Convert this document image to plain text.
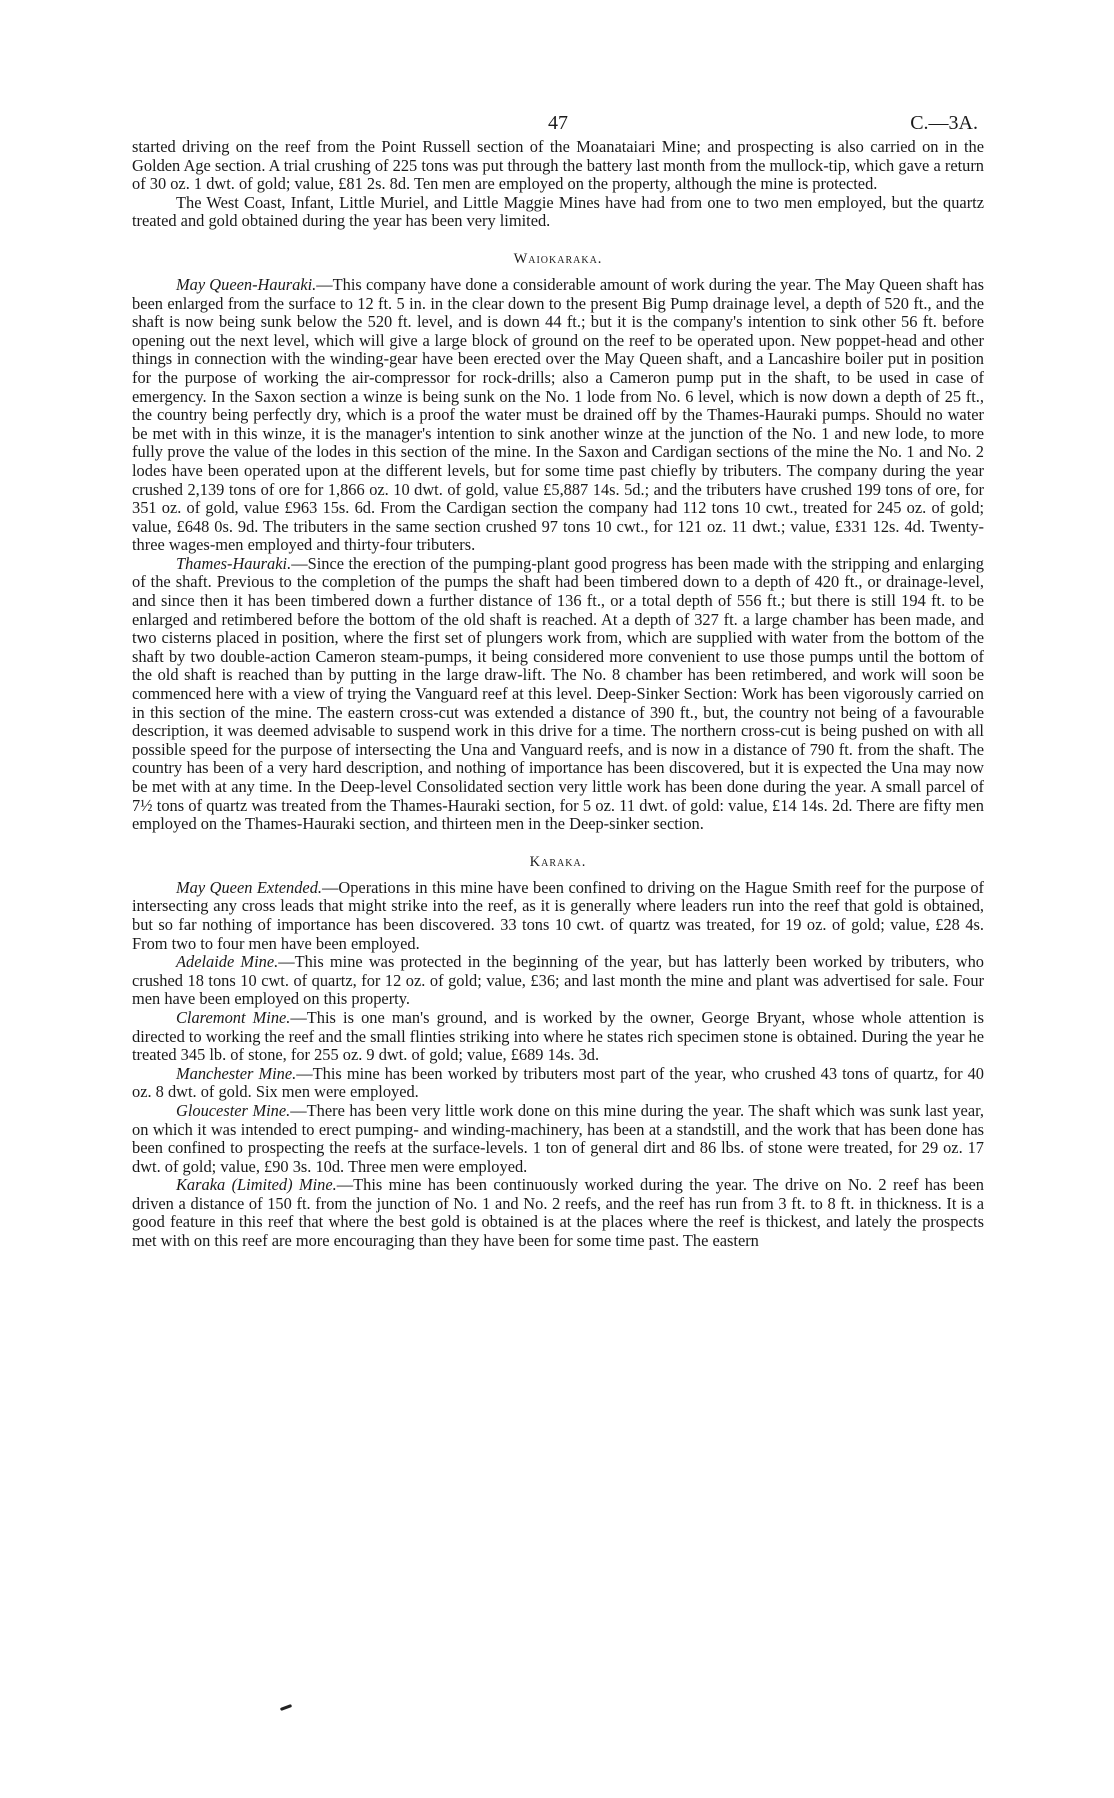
47	C.—3A.

started driving on the reef from the Point Russell section of the Moanataiari Mine; and prospecting is also carried on in the Golden Age section. A trial crushing of 225 tons was put through the battery last month from the mullock-tip, which gave a return of 30 oz. 1 dwt. of gold; value, £81 2s. 8d. Ten men are employed on the property, although the mine is protected.

The West Coast, Infant, Little Muriel, and Little Maggie Mines have had from one to two men employed, but the quartz treated and gold obtained during the year has been very limited.

Waiokaraka.

May Queen-Hauraki.—This company have done a considerable amount of work during the year. The May Queen shaft has been enlarged from the surface to 12 ft. 5 in. in the clear down to the present Big Pump drainage level, a depth of 520 ft., and the shaft is now being sunk below the 520 ft. level, and is down 44 ft.; but it is the company's intention to sink other 56 ft. before opening out the next level, which will give a large block of ground on the reef to be operated upon. New poppet-head and other things in connection with the winding-gear have been erected over the May Queen shaft, and a Lancashire boiler put in position for the purpose of working the air-compressor for rock-drills; also a Cameron pump put in the shaft, to be used in case of emergency. In the Saxon section a winze is being sunk on the No. 1 lode from No. 6 level, which is now down a depth of 25 ft., the country being perfectly dry, which is a proof the water must be drained off by the Thames-Hauraki pumps. Should no water be met with in this winze, it is the manager's intention to sink another winze at the junction of the No. 1 and new lode, to more fully prove the value of the lodes in this section of the mine. In the Saxon and Cardigan sections of the mine the No. 1 and No. 2 lodes have been operated upon at the different levels, but for some time past chiefly by tributers. The company during the year crushed 2,139 tons of ore for 1,866 oz. 10 dwt. of gold, value £5,887 14s. 5d.; and the tributers have crushed 199 tons of ore, for 351 oz. of gold, value £963 15s. 6d. From the Cardigan section the company had 112 tons 10 cwt., treated for 245 oz. of gold; value, £648 0s. 9d. The tributers in the same section crushed 97 tons 10 cwt., for 121 oz. 11 dwt.; value, £331 12s. 4d. Twenty-three wages-men employed and thirty-four tributers.

Thames-Hauraki.—Since the erection of the pumping-plant good progress has been made with the stripping and enlarging of the shaft. Previous to the completion of the pumps the shaft had been timbered down to a depth of 420 ft., or drainage-level, and since then it has been timbered down a further distance of 136 ft., or a total depth of 556 ft.; but there is still 194 ft. to be enlarged and retimbered before the bottom of the old shaft is reached. At a depth of 327 ft. a large chamber has been made, and two cisterns placed in position, where the first set of plungers work from, which are supplied with water from the bottom of the shaft by two double-action Cameron steam-pumps, it being considered more convenient to use those pumps until the bottom of the old shaft is reached than by putting in the large draw-lift. The No. 8 chamber has been retimbered, and work will soon be commenced here with a view of trying the Vanguard reef at this level. Deep-Sinker Section: Work has been vigorously carried on in this section of the mine. The eastern cross-cut was extended a distance of 390 ft., but, the country not being of a favourable description, it was deemed advisable to suspend work in this drive for a time. The northern cross-cut is being pushed on with all possible speed for the purpose of intersecting the Una and Vanguard reefs, and is now in a distance of 790 ft. from the shaft. The country has been of a very hard description, and nothing of importance has been discovered, but it is expected the Una may now be met with at any time. In the Deep-level Consolidated section very little work has been done during the year. A small parcel of 7½ tons of quartz was treated from the Thames-Hauraki section, for 5 oz. 11 dwt. of gold: value, £14 14s. 2d. There are fifty men employed on the Thames-Hauraki section, and thirteen men in the Deep-sinker section.

Karaka.

May Queen Extended.—Operations in this mine have been confined to driving on the Hague Smith reef for the purpose of intersecting any cross leads that might strike into the reef, as it is generally where leaders run into the reef that gold is obtained, but so far nothing of importance has been discovered. 33 tons 10 cwt. of quartz was treated, for 19 oz. of gold; value, £28 4s. From two to four men have been employed.

Adelaide Mine.—This mine was protected in the beginning of the year, but has latterly been worked by tributers, who crushed 18 tons 10 cwt. of quartz, for 12 oz. of gold; value, £36; and last month the mine and plant was advertised for sale. Four men have been employed on this property.

Claremont Mine.—This is one man's ground, and is worked by the owner, George Bryant, whose whole attention is directed to working the reef and the small flinties striking into where he states rich specimen stone is obtained. During the year he treated 345 lb. of stone, for 255 oz. 9 dwt. of gold; value, £689 14s. 3d.

Manchester Mine.—This mine has been worked by tributers most part of the year, who crushed 43 tons of quartz, for 40 oz. 8 dwt. of gold. Six men were employed.

Gloucester Mine.—There has been very little work done on this mine during the year. The shaft which was sunk last year, on which it was intended to erect pumping- and winding-machinery, has been at a standstill, and the work that has been done has been confined to prospecting the reefs at the surface-levels. 1 ton of general dirt and 86 lbs. of stone were treated, for 29 oz. 17 dwt. of gold; value, £90 3s. 10d. Three men were employed.

Karaka (Limited) Mine.—This mine has been continuously worked during the year. The drive on No. 2 reef has been driven a distance of 150 ft. from the junction of No. 1 and No. 2 reefs, and the reef has run from 3 ft. to 8 ft. in thickness. It is a good feature in this reef that where the best gold is obtained is at the places where the reef is thickest, and lately the prospects met with on this reef are more encouraging than they have been for some time past. The eastern
